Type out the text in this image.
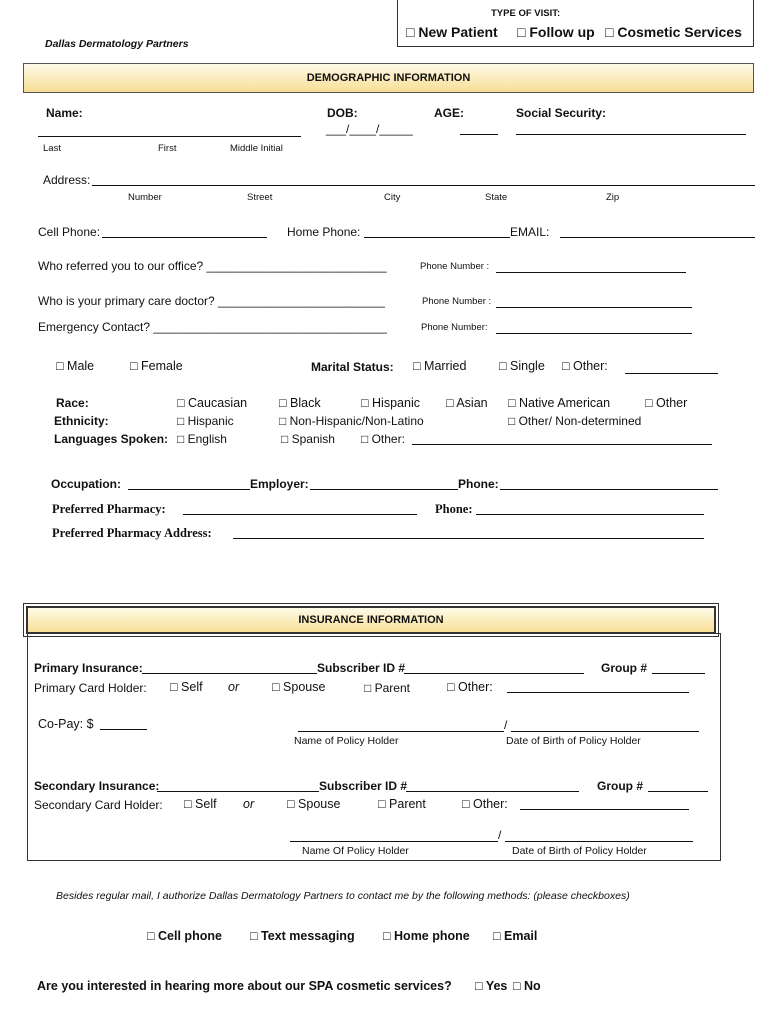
TYPE OF VISIT:
□ New Patient □	Follow up □	Cosmetic Services
Dallas Dermatology Partners
DEMOGRAPHIC INFORMATION
Name:	DOB:	AGE:	Social Security:
___/____/_____
Last	First	Middle Initial
Address:
Number	Street	City	State	Zip
Cell Phone:	Home Phone:	EMAIL:
Who referred you to our office? ___________________________	Phone Number :
Who is your primary care doctor? _________________________	Phone Number :
Emergency Contact? ___________________________________	Phone Number:
□ Male □	Female	Marital Status: □	Married □	Single □	Other:
Race: □	Caucasian □	Black □	Hispanic □	Asian □	Native American □	Other
Ethnicity: □	Hispanic □	Non-Hispanic/Non-Latino □	Other/ Non-determined
Languages Spoken: □	English □	Spanish □	Other:
Occupation:	Employer:	Phone:
Preferred Pharmacy:	Phone:
Preferred Pharmacy Address:
INSURANCE INFORMATION
Primary Insurance:	Subscriber ID #	Group #
Primary Card Holder: □	Self or □	Spouse □	Parent □	Other:
Co-Pay: $	/
Name of Policy Holder	Date of Birth of Policy Holder
Secondary Insurance:	Subscriber ID #	Group #
Secondary Card Holder: □	Self or □	Spouse □	Parent □	Other:
/
Name Of Policy Holder	Date of Birth of Policy Holder
Besides regular mail, I authorize Dallas Dermatology Partners to contact me by the following methods: (please checkboxes)
□ Cell phone □	Text messaging □	Home phone □	Email
Are you interested in hearing more about our SPA cosmetic services? □	Yes □	No
